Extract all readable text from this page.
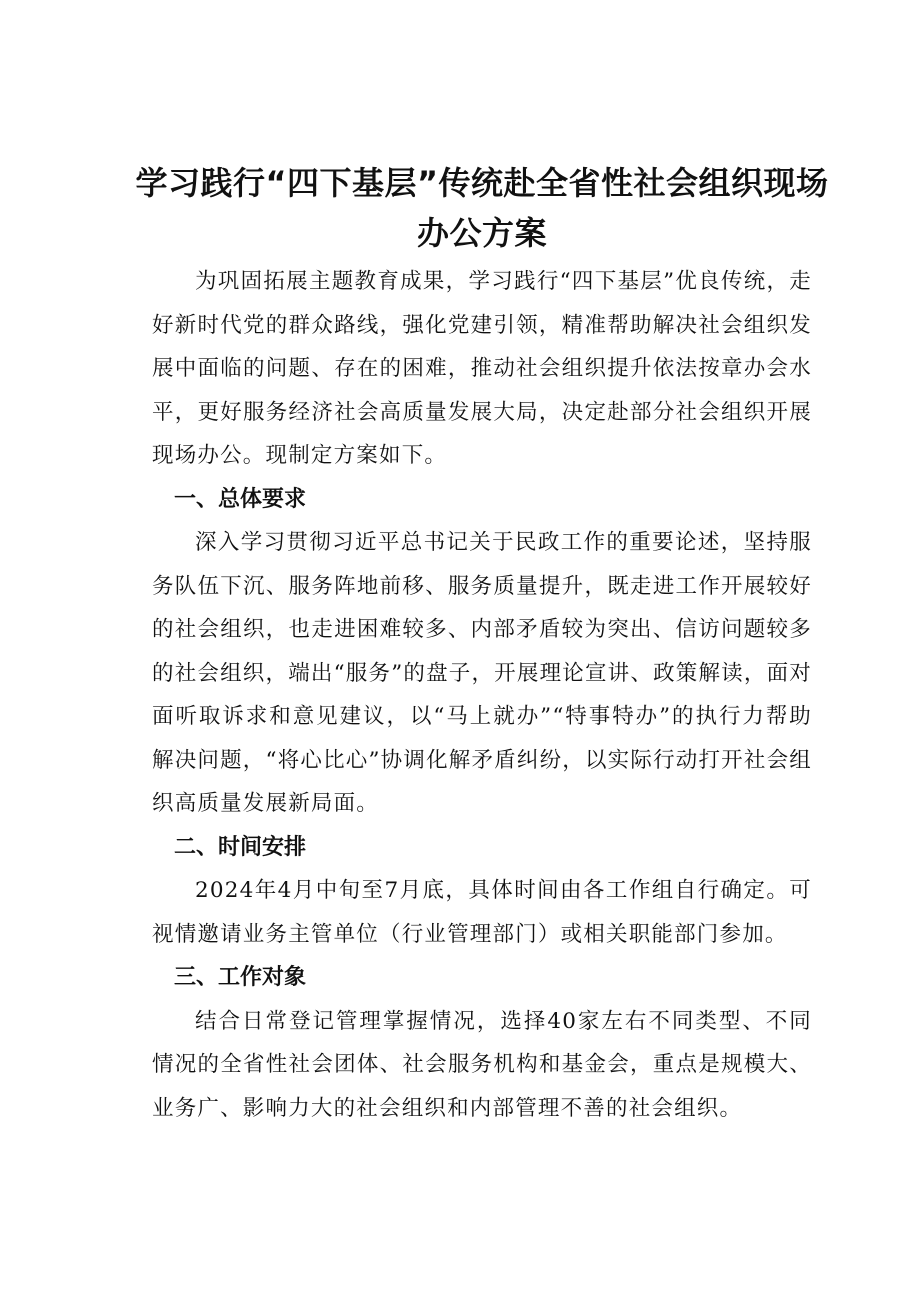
学习践行“四下基层”传统赴全省性社会组织现场办公方案

为巩固拓展主题教育成果，学习践行“四下基层”优良传统，走好新时代党的群众路线，强化党建引领，精准帮助解决社会组织发展中面临的问题、存在的困难，推动社会组织提升依法按章办会水平，更好服务经济社会高质量发展大局，决定赴部分社会组织开展现场办公。现制定方案如下。

一、总体要求

深入学习贯彻习近平总书记关于民政工作的重要论述，坚持服务队伍下沉、服务阵地前移、服务质量提升，既走进工作开展较好的社会组织，也走进困难较多、内部矛盾较为突出、信访问题较多的社会组织，端出“服务”的盘子，开展理论宣讲、政策解读，面对面听取诉求和意见建议，以“马上就办”“特事特办”的执行力帮助解决问题，“将心比心”协调化解矛盾纠纷，以实际行动打开社会组织高质量发展新局面。

二、时间安排

2024年4月中旬至7月底，具体时间由各工作组自行确定。可视情邀请业务主管单位（行业管理部门）或相关职能部门参加。

三、工作对象

结合日常登记管理掌握情况，选择40家左右不同类型、不同情况的全省性社会团体、社会服务机构和基金会，重点是规模大、业务广、影响力大的社会组织和内部管理不善的社会组织。
